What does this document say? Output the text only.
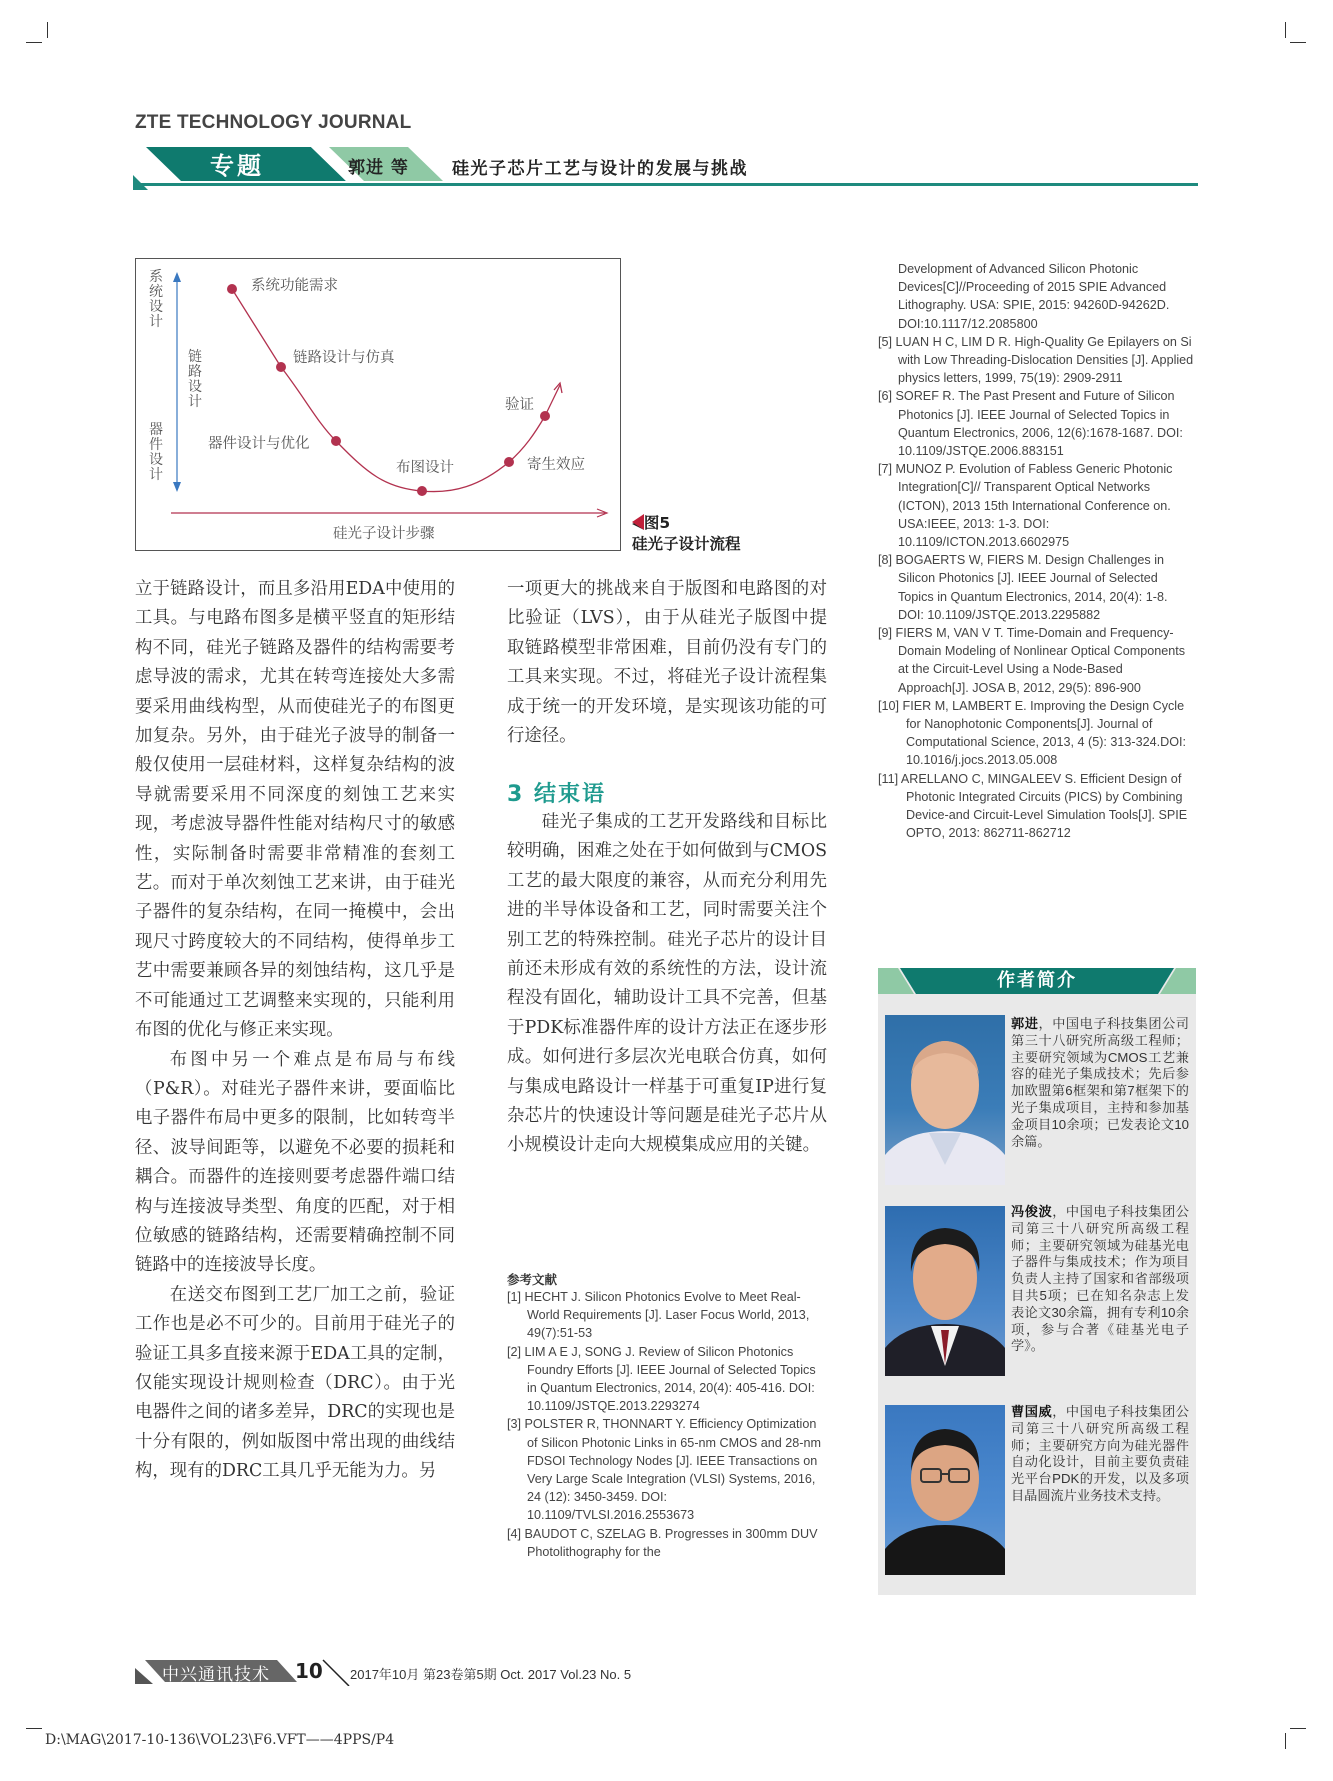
ZTE TECHNOLOGY JOURNAL
专题	郭进 等	硅光子芯片工艺与设计的发展与挑战
系
统
设
计
链
路
设
计
器
件
设
计
系统功能需求
链路设计与仿真
器件设计与优化
布图设计	寄生效应
验证
硅光子设计步骤
◀图5
硅光子设计流程

立于链路设计，而且多沿用EDA中使用的工具。与电路布图多是横平竖直的矩形结构不同，硅光子链路及器件的结构需要考虑导波的需求，尤其在转弯连接处大多需要采用曲线构型，从而使硅光子的布图更加复杂。另外，由于硅光子波导的制备一般仅使用一层硅材料，这样复杂结构的波导就需要采用不同深度的刻蚀工艺来实现，考虑波导器件性能对结构尺寸的敏感性，实际制备时需要非常精准的套刻工艺。而对于单次刻蚀工艺来讲，由于硅光子器件的复杂结构，在同一掩模中，会出现尺寸跨度较大的不同结构，使得单步工艺中需要兼顾各异的刻蚀结构，这几乎是不可能通过工艺调整来实现的，只能利用布图的优化与修正来实现。

布图中另一个难点是布局与布线（P&R）。对硅光子器件来讲，要面临比电子器件布局中更多的限制，比如转弯半径、波导间距等，以避免不必要的损耗和耦合。而器件的连接则要考虑器件端口结构与连接波导类型、角度的匹配，对于相位敏感的链路结构，还需要精确控制不同链路中的连接波导长度。

在送交布图到工艺厂加工之前，验证工作也是必不可少的。目前用于硅光子的验证工具多直接来源于EDA工具的定制，仅能实现设计规则检查（DRC）。由于光电器件之间的诸多差异，DRC的实现也是十分有限的，例如版图中常出现的曲线结构，现有的DRC工具几乎无能为力。另

一项更大的挑战来自于版图和电路图的对比验证（LVS），由于从硅光子版图中提取链路模型非常困难，目前仍没有专门的工具来实现。不过，将硅光子设计流程集成于统一的开发环境，是实现该功能的可行途径。

3 结束语

硅光子集成的工艺开发路线和目标比较明确，困难之处在于如何做到与CMOS工艺的最大限度的兼容，从而充分利用先进的半导体设备和工艺，同时需要关注个别工艺的特殊控制。硅光子芯片的设计目前还未形成有效的系统性的方法，设计流程没有固化，辅助设计工具不完善，但基于PDK标准器件库的设计方法正在逐步形成。如何进行多层次光电联合仿真，如何与集成电路设计一样基于可重复IP进行复杂芯片的快速设计等问题是硅光子芯片从小规模设计走向大规模集成应用的关键。

参考文献

[1] HECHT J. Silicon Photonics Evolve to Meet Real-World Requirements [J]. Laser Focus World, 2013, 49(7):51-53

[2] LIM A E J, SONG J. Review of Silicon Photonics Foundry Efforts [J]. IEEE Journal of Selected Topics in Quantum Electronics, 2014, 20(4): 405-416. DOI: 10.1109/JSTQE.2013.2293274

[3] POLSTER R, THONNART Y. Efficiency Optimization of Silicon Photonic Links in 65-nm CMOS and 28-nm FDSOI Technology Nodes [J]. IEEE Transactions on Very Large Scale Integration (VLSI) Systems, 2016, 24 (12): 3450-3459. DOI: 10.1109/TVLSI.2016.2553673

[4] BAUDOT C, SZELAG B. Progresses in 300mm DUV Photolithography for the

Development of Advanced Silicon Photonic Devices[C]//Proceeding of 2015 SPIE Advanced Lithography. USA: SPIE, 2015: 94260D-94262D. DOI:10.1117/12.2085800

[5] LUAN H C, LIM D R. High-Quality Ge Epilayers on Si with Low Threading-Dislocation Densities [J]. Applied physics letters, 1999, 75(19): 2909-2911

[6] SOREF R. The Past Present and Future of Silicon Photonics [J]. IEEE Journal of Selected Topics in Quantum Electronics, 2006, 12(6):1678-1687. DOI: 10.1109/JSTQE.2006.883151

[7] MUNOZ P. Evolution of Fabless Generic Photonic Integration[C]// Transparent Optical Networks (ICTON), 2013 15th International Conference on. USA:IEEE, 2013: 1-3. DOI: 10.1109/ICTON.2013.6602975

[8] BOGAERTS W, FIERS M. Design Challenges in Silicon Photonics [J]. IEEE Journal of Selected Topics in Quantum Electronics, 2014, 20(4): 1-8. DOI: 10.1109/JSTQE.2013.2295882

[9] FIERS M, VAN V T. Time-Domain and Frequency-Domain Modeling of Nonlinear Optical Components at the Circuit-Level Using a Node-Based Approach[J]. JOSA B, 2012, 29(5): 896-900

[10] FIER M, LAMBERT E. Improving the Design Cycle for Nanophotonic Components[J]. Journal of Computational Science, 2013, 4 (5): 313-324.DOI: 10.1016/j.jocs.2013.05.008

[11] ARELLANO C, MINGALEEV S. Efficient Design of Photonic Integrated Circuits (PICS) by Combining Device-and Circuit-Level Simulation Tools[J]. SPIE OPTO, 2013: 862711-862712

作者简介
郭进，中国电子科技集团公司第三十八研究所高级工程师；主要研究领域为CMOS工艺兼容的硅光子集成技术；先后参加欧盟第6框架和第7框架下的光子集成项目，主持和参加基金项目10余项；已发表论文10余篇。
冯俊波，中国电子科技集团公司第三十八研究所高级工程师；主要研究领域为硅基光电子器件与集成技术；作为项目负责人主持了国家和省部级项目共5项；已在知名杂志上发表论文30余篇，拥有专利10余项，参与合著《硅基光电子学》。
曹国威，中国电子科技集团公司第三十八研究所高级工程师；主要研究方向为硅光器件自动化设计，目前主要负责硅光平台PDK的开发，以及多项目晶圆流片业务技术支持。
中兴通讯技术 10 2017年10月 第23卷第5期 Oct. 2017 Vol.23 No. 5
D:\MAG\2017-10-136\VOL23\F6.VFT——4PPS/P4
